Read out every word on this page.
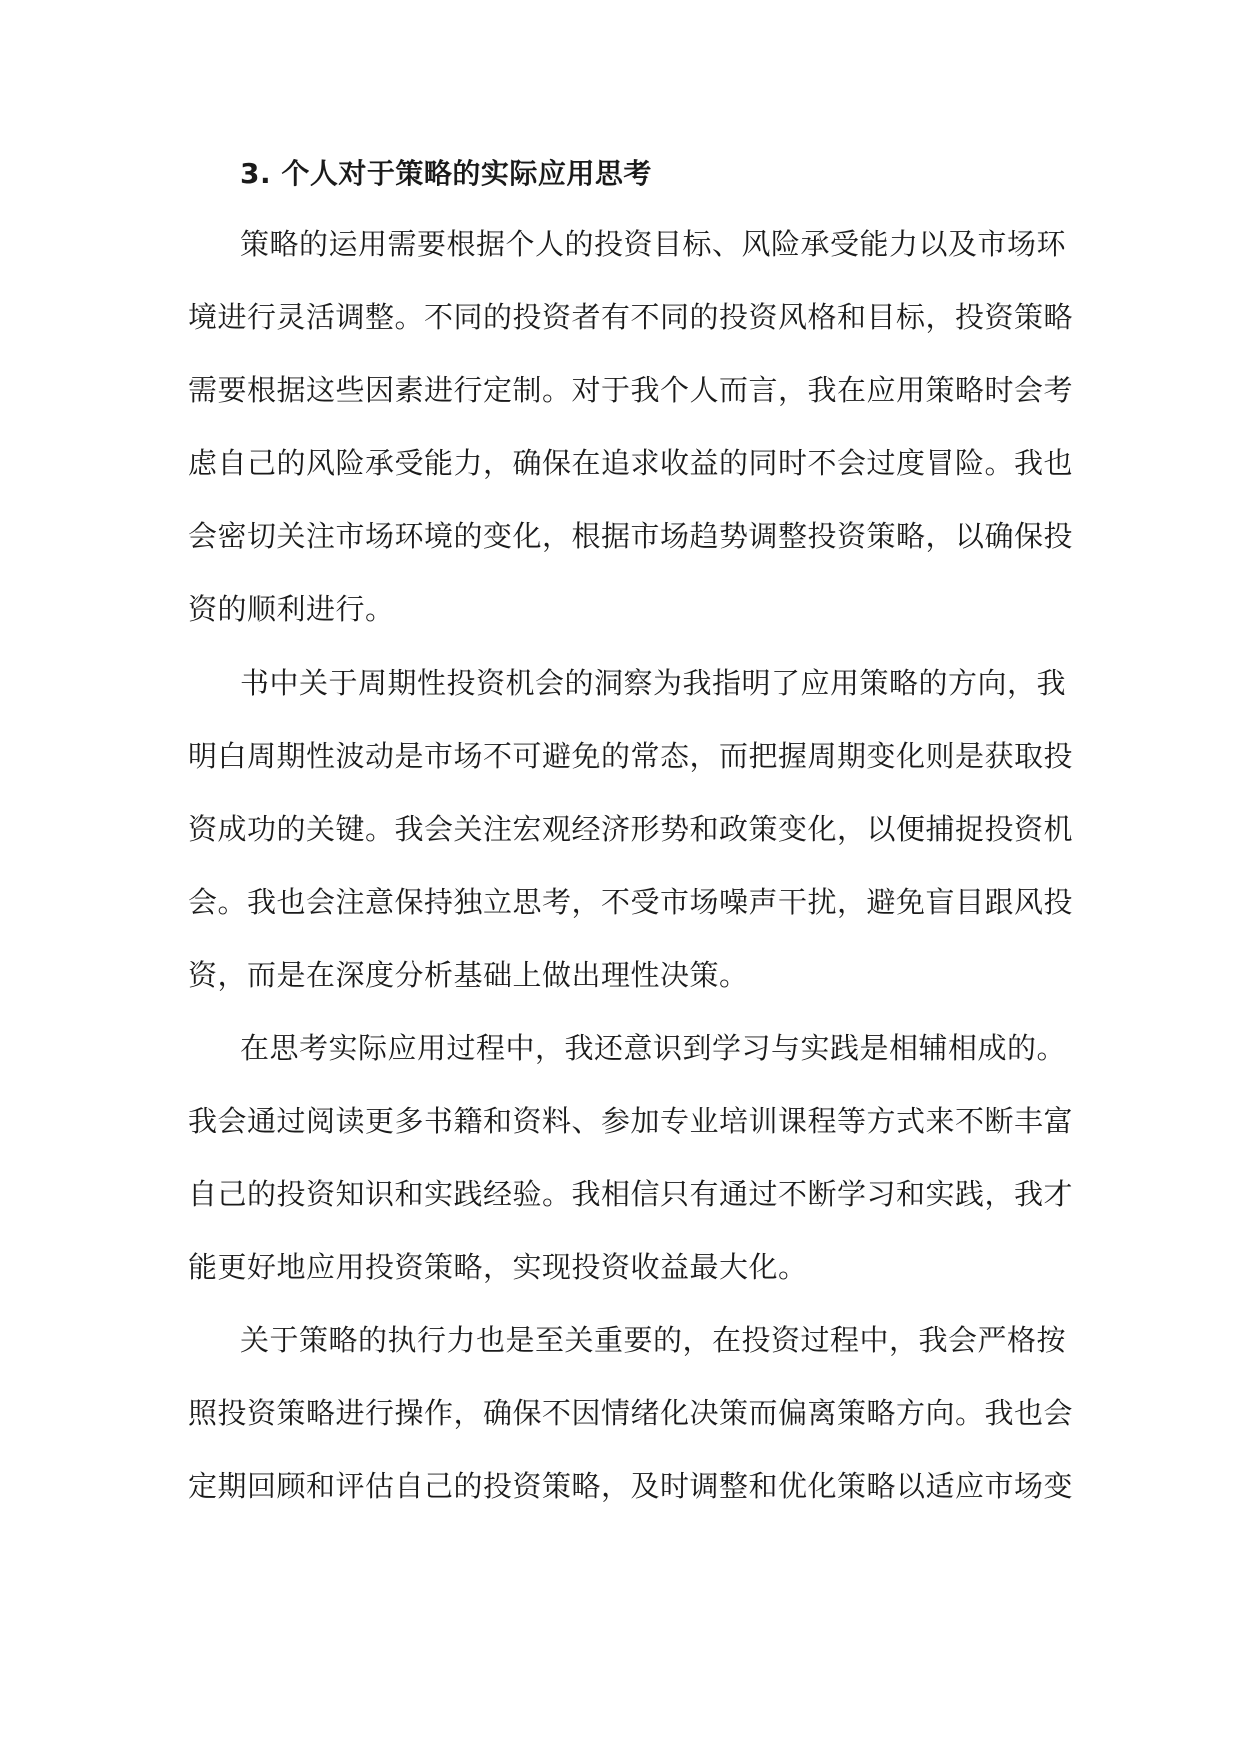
3. 个人对于策略的实际应用思考

策略的运用需要根据个人的投资目标、风险承受能力以及市场环

境进行灵活调整。不同的投资者有不同的投资风格和目标，投资策略

需要根据这些因素进行定制。对于我个人而言，我在应用策略时会考

虑自己的风险承受能力，确保在追求收益的同时不会过度冒险。我也

会密切关注市场环境的变化，根据市场趋势调整投资策略，以确保投

资的顺利进行。

书中关于周期性投资机会的洞察为我指明了应用策略的方向，我

明白周期性波动是市场不可避免的常态，而把握周期变化则是获取投

资成功的关键。我会关注宏观经济形势和政策变化，以便捕捉投资机

会。我也会注意保持独立思考，不受市场噪声干扰，避免盲目跟风投

资，而是在深度分析基础上做出理性决策。

在思考实际应用过程中，我还意识到学习与实践是相辅相成的。

我会通过阅读更多书籍和资料、参加专业培训课程等方式来不断丰富

自己的投资知识和实践经验。我相信只有通过不断学习和实践，我才

能更好地应用投资策略，实现投资收益最大化。

关于策略的执行力也是至关重要的，在投资过程中，我会严格按

照投资策略进行操作，确保不因情绪化决策而偏离策略方向。我也会

定期回顾和评估自己的投资策略，及时调整和优化策略以适应市场变
